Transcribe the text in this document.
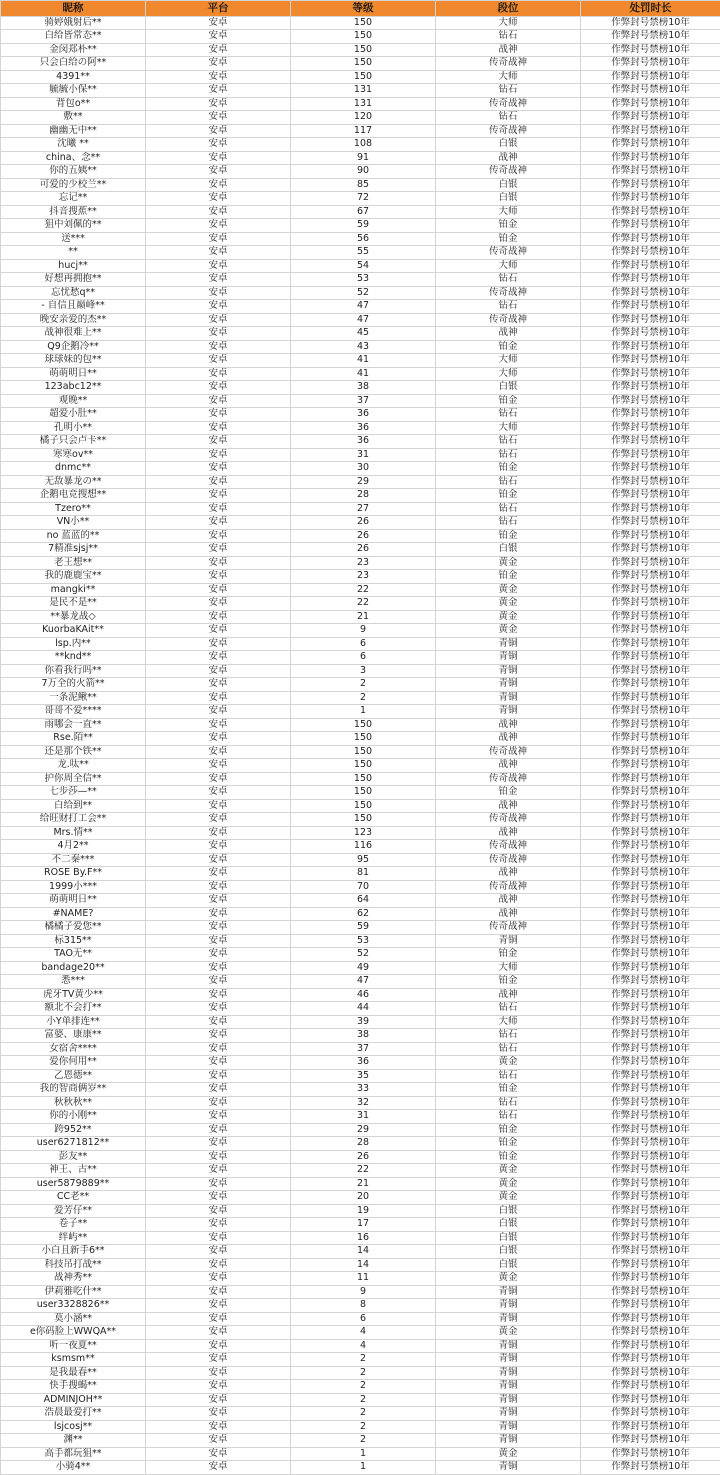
昵称	平台	等级	段位	处罚时长
骑婷娥射后**	安卓	150	大师	作弊封号禁榜10年
白给皆常态**	安卓	150	钻石	作弊封号禁榜10年
金闵郑朴**	安卓	150	战神	作弊封号禁榜10年
只会白给の阿**	安卓	150	传奇战神	作弊封号禁榜10年
4391**	安卓	150	大师	作弊封号禁榜10年
毓毓小保**	安卓	131	钻石	作弊封号禁榜10年
背包o**	安卓	131	传奇战神	作弊封号禁榜10年
敷**	安卓	120	钻石	作弊封号禁榜10年
幽幽无中**	安卓	117	传奇战神	作弊封号禁榜10年
沈曦 **	安卓	108	白银	作弊封号禁榜10年
china、念**	安卓	91	战神	作弊封号禁榜10年
你的五姨**	安卓	90	传奇战神	作弊封号禁榜10年
可爱的少校兰**	安卓	85	白银	作弊封号禁榜10年
忘记**	安卓	72	白银	作弊封号禁榜10年
抖音搜蕉**	安卓	67	大师	作弊封号禁榜10年
狙中刘佩的**	安卓	59	铂金	作弊封号禁榜10年
送***	安卓	56	铂金	作弊封号禁榜10年
**	安卓	55	传奇战神	作弊封号禁榜10年
hucj**	安卓	54	大师	作弊封号禁榜10年
好想再拥抱**	安卓	53	钻石	作弊封号禁榜10年
忘忧愁q**	安卓	52	传奇战神	作弊封号禁榜10年
- 自信且巅峰**	安卓	47	钻石	作弊封号禁榜10年
晚安亲爱的杰**	安卓	47	传奇战神	作弊封号禁榜10年
战神很难上**	安卓	45	战神	作弊封号禁榜10年
Q9企鹅冷**	安卓	43	铂金	作弊封号禁榜10年
球球妹的包**	安卓	41	大师	作弊封号禁榜10年
萌萌明日**	安卓	41	大师	作弊封号禁榜10年
123abc12**	安卓	38	白银	作弊封号禁榜10年
观晚**	安卓	37	铂金	作弊封号禁榜10年
超爱小肚**	安卓	36	钻石	作弊封号禁榜10年
孔明小**	安卓	36	大师	作弊封号禁榜10年
橘子只会卢卡**	安卓	36	钻石	作弊封号禁榜10年
寒寒ov**	安卓	31	钻石	作弊封号禁榜10年
dnmc**	安卓	30	铂金	作弊封号禁榜10年
无敌暴龙の**	安卓	29	钻石	作弊封号禁榜10年
企鹅电竞搜想**	安卓	28	铂金	作弊封号禁榜10年
Tzero**	安卓	27	钻石	作弊封号禁榜10年
VN小**	安卓	26	钻石	作弊封号禁榜10年
no 蓝蓝的**	安卓	26	铂金	作弊封号禁榜10年
7精准sjsj**	安卓	26	白银	作弊封号禁榜10年
老王想**	安卓	23	黄金	作弊封号禁榜10年
我的鹿鹿宝**	安卓	23	铂金	作弊封号禁榜10年
mangki**	安卓	22	黄金	作弊封号禁榜10年
是民不是**	安卓	22	黄金	作弊封号禁榜10年
**暴龙战◇	安卓	21	黄金	作弊封号禁榜10年
KuorbaKAit**	安卓	9	黄金	作弊封号禁榜10年
lsp.内**	安卓	6	青铜	作弊封号禁榜10年
**knd**	安卓	6	青铜	作弊封号禁榜10年
你看我行吗**	安卓	3	青铜	作弊封号禁榜10年
7万全的火箭**	安卓	2	青铜	作弊封号禁榜10年
一条泥鳅**	安卓	2	青铜	作弊封号禁榜10年
哥哥不爱****	安卓	1	青铜	作弊封号禁榜10年
雨哪会一直**	安卓	150	战神	作弊封号禁榜10年
Rse.陌**	安卓	150	战神	作弊封号禁榜10年
还是那个铁**	安卓	150	传奇战神	作弊封号禁榜10年
龙.呔**	安卓	150	战神	作弊封号禁榜10年
护你周全信**	安卓	150	传奇战神	作弊封号禁榜10年
七步莎—**	安卓	150	铂金	作弊封号禁榜10年
白给到**	安卓	150	战神	作弊封号禁榜10年
给旺财打工会**	安卓	150	传奇战神	作弊封号禁榜10年
Mrs.情**	安卓	123	战神	作弊封号禁榜10年
4月2**	安卓	116	传奇战神	作弊封号禁榜10年
不二秦***	安卓	95	传奇战神	作弊封号禁榜10年
ROSE By.F**	安卓	81	战神	作弊封号禁榜10年
1999小***	安卓	70	传奇战神	作弊封号禁榜10年
萌萌明日**	安卓	64	战神	作弊封号禁榜10年
#NAME?	安卓	62	战神	作弊封号禁榜10年
橘橘子爱您**	安卓	59	传奇战神	作弊封号禁榜10年
标315**	安卓	53	青铜	作弊封号禁榜10年
TAO无**	安卓	52	铂金	作弊封号禁榜10年
bandage20**	安卓	49	大师	作弊封号禁榜10年
悉***	安卓	47	铂金	作弊封号禁榜10年
虎牙TV黄少**	安卓	46	战神	作弊封号禁榜10年
额北不会打**	安卓	44	钻石	作弊封号禁榜10年
小Y单排连**	安卓	39	大师	作弊封号禁榜10年
富婆、康康**	安卓	38	钻石	作弊封号禁榜10年
女宿舍****	安卓	37	钻石	作弊封号禁榜10年
爱你何用**	安卓	36	黄金	作弊封号禁榜10年
乙恩德**	安卓	35	钻石	作弊封号禁榜10年
我的智商俩岁**	安卓	33	铂金	作弊封号禁榜10年
秋秋秋**	安卓	32	钻石	作弊封号禁榜10年
你的小刚**	安卓	31	钻石	作弊封号禁榜10年
跨952**	安卓	29	铂金	作弊封号禁榜10年
user6271812**	安卓	28	铂金	作弊封号禁榜10年
彭友**	安卓	26	铂金	作弊封号禁榜10年
神王、古**	安卓	22	黄金	作弊封号禁榜10年
user5879889**	安卓	21	黄金	作弊封号禁榜10年
CC老**	安卓	20	黄金	作弊封号禁榜10年
爱芳仔**	安卓	19	白银	作弊封号禁榜10年
卷子**	安卓	17	白银	作弊封号禁榜10年
绊屿**	安卓	16	白银	作弊封号禁榜10年
小白且新手6**	安卓	14	白银	作弊封号禁榜10年
科技吊打战**	安卓	14	白银	作弊封号禁榜10年
战神秀**	安卓	11	黄金	作弊封号禁榜10年
伊莉雅吃什**	安卓	9	青铜	作弊封号禁榜10年
user3328826**	安卓	8	青铜	作弊封号禁榜10年
莫小涵**	安卓	6	青铜	作弊封号禁榜10年
e你码脸上WWQA**	安卓	4	黄金	作弊封号禁榜10年
听一夜夏**	安卓	4	青铜	作弊封号禁榜10年
ksmsm**	安卓	2	青铜	作弊封号禁榜10年
是我最春**	安卓	2	青铜	作弊封号禁榜10年
快手搜蝎**	安卓	2	青铜	作弊封号禁榜10年
ADMINJOH**	安卓	2	青铜	作弊封号禁榜10年
浩晨最爱打**	安卓	2	青铜	作弊封号禁榜10年
lsjcosj**	安卓	2	青铜	作弊封号禁榜10年
渊**	安卓	2	青铜	作弊封号禁榜10年
高手都玩狙**	安卓	1	黄金	作弊封号禁榜10年
小骑4**	安卓	1	青铜	作弊封号禁榜10年
